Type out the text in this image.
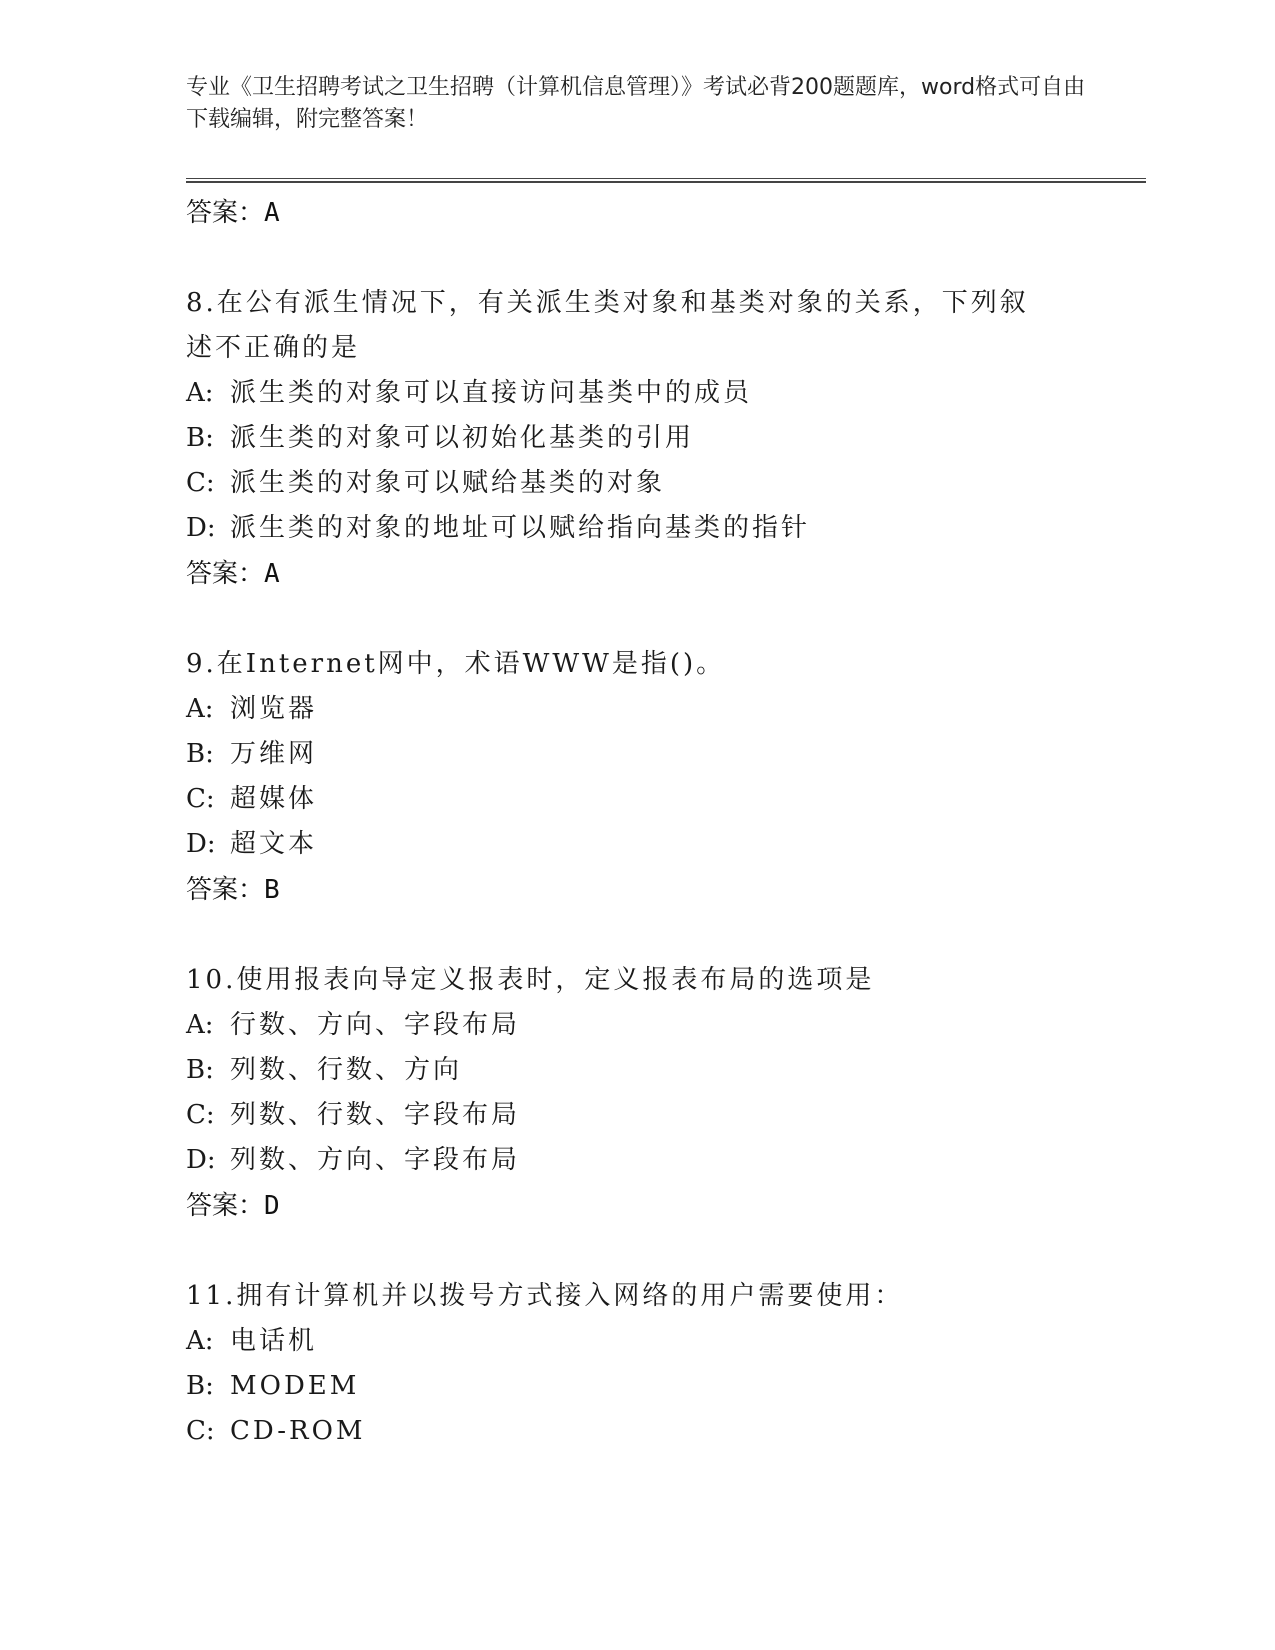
专业《卫生招聘考试之卫生招聘（计算机信息管理）》考试必背200题题库，word格式可自由下载编辑，附完整答案！
答案：A
8.在公有派生情况下，有关派生类对象和基类对象的关系，下列叙述不正确的是
A: 派生类的对象可以直接访问基类中的成员
B: 派生类的对象可以初始化基类的引用
C: 派生类的对象可以赋给基类的对象
D: 派生类的对象的地址可以赋给指向基类的指针
答案：A
9.在Internet网中，术语WWW是指()。
A: 浏览器
B: 万维网
C: 超媒体
D: 超文本
答案：B
10.使用报表向导定义报表时，定义报表布局的选项是
A: 行数、方向、字段布局
B: 列数、行数、方向
C: 列数、行数、字段布局
D: 列数、方向、字段布局
答案：D
11.拥有计算机并以拨号方式接入网络的用户需要使用：
A: 电话机
B: MODEM
C: CD-ROM
